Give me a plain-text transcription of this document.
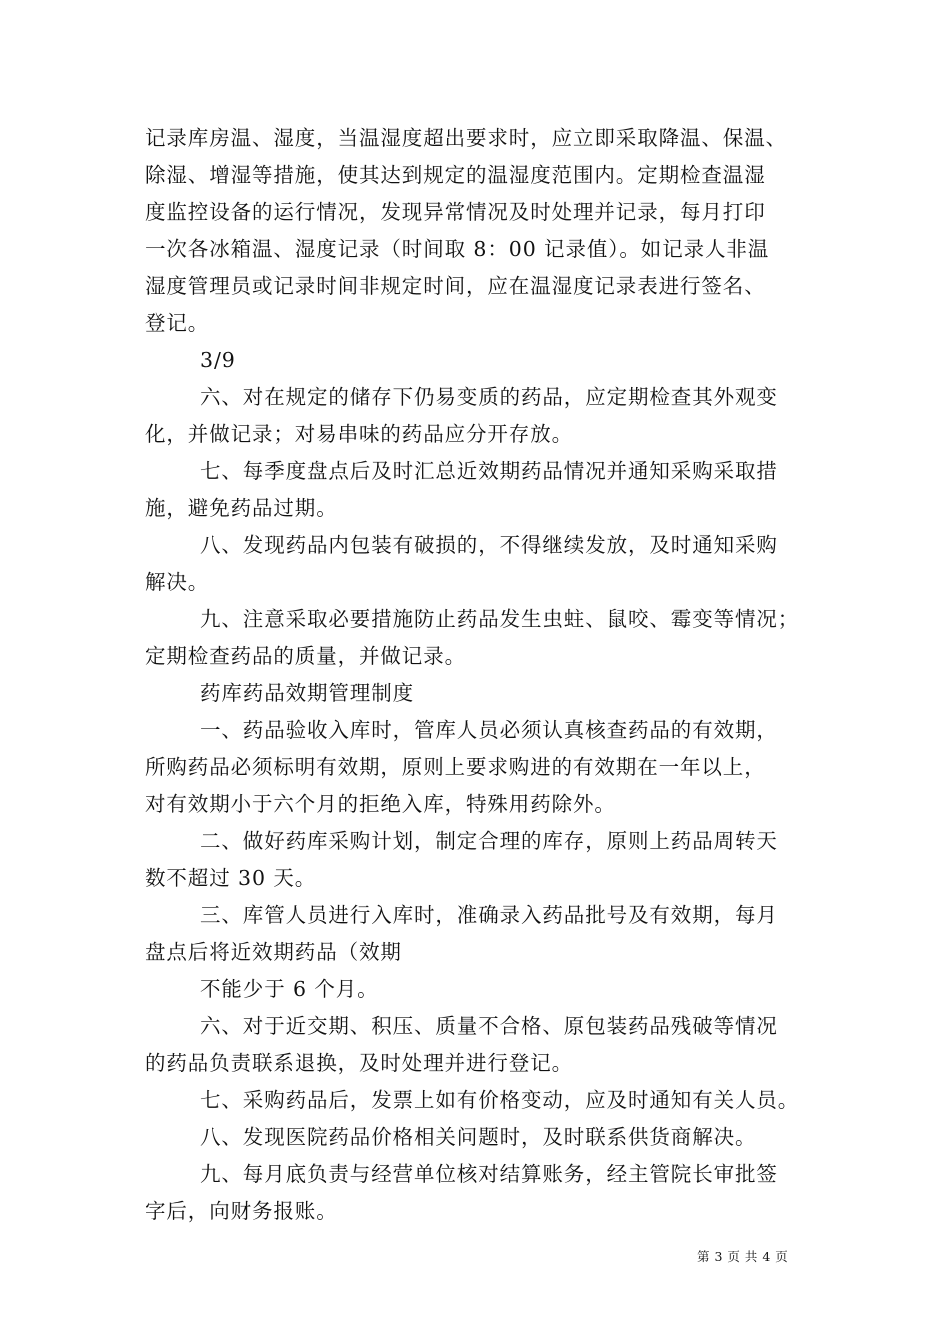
记录库房温、湿度，当温湿度超出要求时，应立即采取降温、保温、
除湿、增湿等措施，使其达到规定的温湿度范围内。定期检查温湿
度监控设备的运行情况，发现异常情况及时处理并记录，每月打印
一次各冰箱温、湿度记录（时间取 8：00 记录值）。如记录人非温
湿度管理员或记录时间非规定时间，应在温湿度记录表进行签名、
登记。
3/9
六、对在规定的储存下仍易变质的药品，应定期检查其外观变
化，并做记录；对易串味的药品应分开存放。
七、每季度盘点后及时汇总近效期药品情况并通知采购采取措
施，避免药品过期。
八、发现药品内包装有破损的，不得继续发放，及时通知采购
解决。
九、注意采取必要措施防止药品发生虫蛀、鼠咬、霉变等情况；
定期检查药品的质量，并做记录。
药库药品效期管理制度
一、药品验收入库时，管库人员必须认真核查药品的有效期，
所购药品必须标明有效期，原则上要求购进的有效期在一年以上，
对有效期小于六个月的拒绝入库，特殊用药除外。
二、做好药库采购计划，制定合理的库存，原则上药品周转天
数不超过 30 天。
三、库管人员进行入库时，准确录入药品批号及有效期，每月
盘点后将近效期药品（效期
不能少于 6 个月。
六、对于近交期、积压、质量不合格、原包装药品残破等情况
的药品负责联系退换，及时处理并进行登记。
七、采购药品后，发票上如有价格变动，应及时通知有关人员。
八、发现医院药品价格相关问题时，及时联系供货商解决。
九、每月底负责与经营单位核对结算账务，经主管院长审批签
字后，向财务报账。
第 3 页 共 4 页
